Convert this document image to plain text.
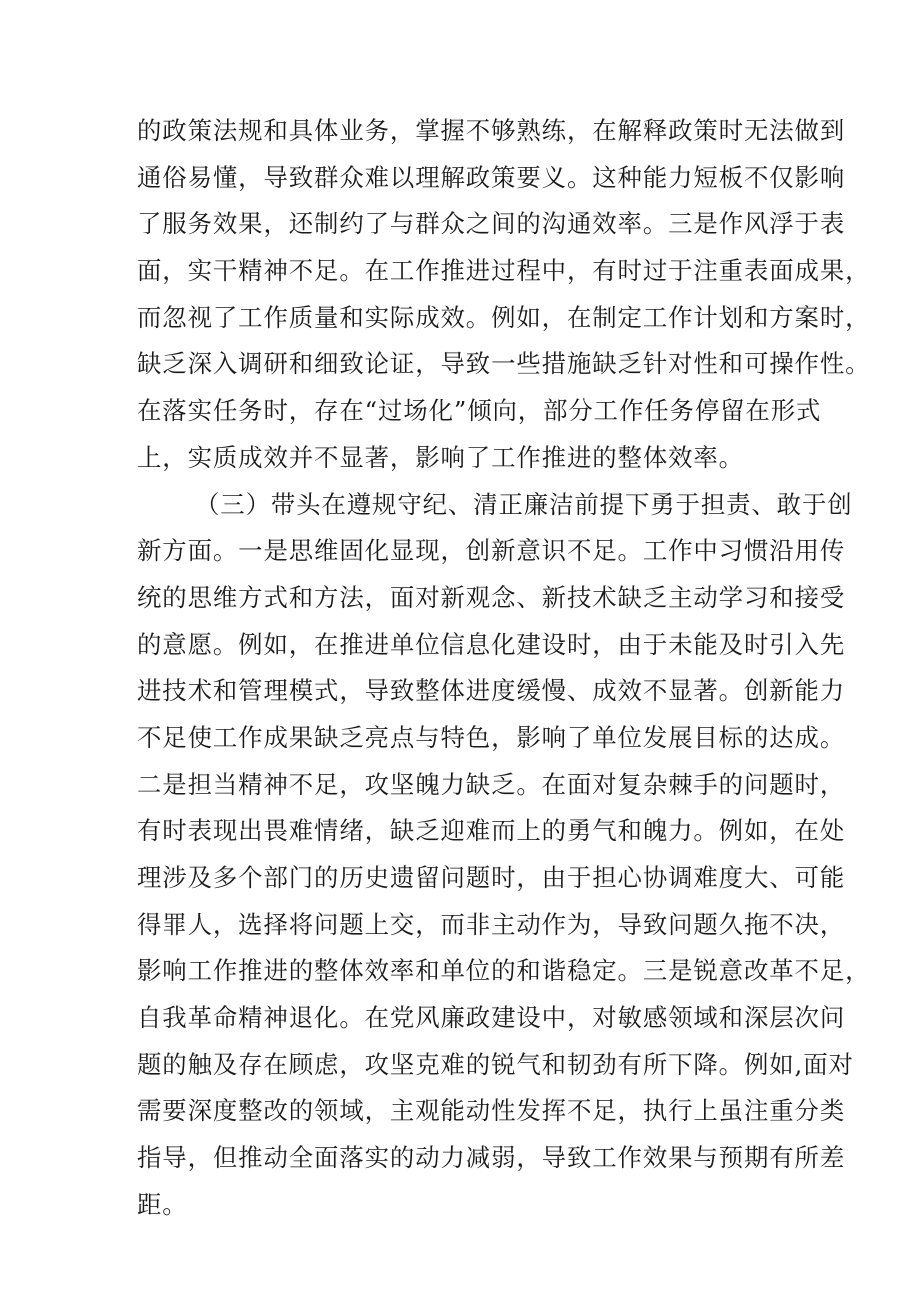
的政策法规和具体业务，掌握不够熟练，在解释政策时无法做到
通俗易懂，导致群众难以理解政策要义。这种能力短板不仅影响
了服务效果，还制约了与群众之间的沟通效率。三是作风浮于表
面，实干精神不足。在工作推进过程中，有时过于注重表面成果，
而忽视了工作质量和实际成效。例如，在制定工作计划和方案时，
缺乏深入调研和细致论证，导致一些措施缺乏针对性和可操作性。
在落实任务时，存在“过场化”倾向，部分工作任务停留在形式
上，实质成效并不显著，影响了工作推进的整体效率。
（三）带头在遵规守纪、清正廉洁前提下勇于担责、敢于创
新方面。一是思维固化显现，创新意识不足。工作中习惯沿用传
统的思维方式和方法，面对新观念、新技术缺乏主动学习和接受
的意愿。例如，在推进单位信息化建设时，由于未能及时引入先
进技术和管理模式，导致整体进度缓慢、成效不显著。创新能力
不足使工作成果缺乏亮点与特色，影响了单位发展目标的达成。
二是担当精神不足，攻坚魄力缺乏。在面对复杂棘手的问题时，
有时表现出畏难情绪，缺乏迎难而上的勇气和魄力。例如，在处
理涉及多个部门的历史遗留问题时，由于担心协调难度大、可能
得罪人，选择将问题上交，而非主动作为，导致问题久拖不决，
影响工作推进的整体效率和单位的和谐稳定。三是锐意改革不足，
自我革命精神退化。在党风廉政建设中，对敏感领域和深层次问
题的触及存在顾虑，攻坚克难的锐气和韧劲有所下降。例如,面对
需要深度整改的领域，主观能动性发挥不足，执行上虽注重分类
指导，但推动全面落实的动力减弱，导致工作效果与预期有所差
距。
